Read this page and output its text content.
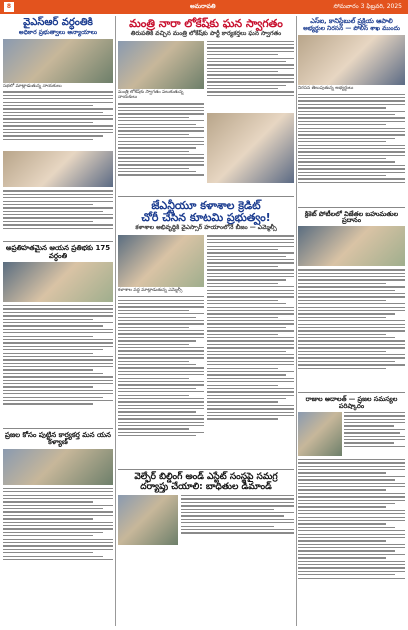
8	అమరావతి	సోమవారం 3 ఫిబ్రవరి, 2025
వైఎస్ఆర్ వర్ధంతికి
అధికార ప్రభుత్వాలు అన్యాయాలు
సభలో మాట్లాడుతున్న నాయకులు
అప్రతిహతమైన ఆయన ప్రతిభకు 175 వర్ధంతి
ప్రజల కోసం పుట్టిన కార్యకర్త మన యన కళ్యాణ్
మంత్రి నారా లోకేష్‌కు ఘన స్వాగతం
తిరుపతికి వచ్చిన మంత్రి లోకేష్‌కు పార్టీ కార్యకర్తలు ఘన స్వాగతం
మంత్రి లోకేష్‌కు స్వాగతం పలుకుతున్న నాయకులు
జేఎన్టీయూ కళాశాల క్రెడిట్
చోరీ చేసిన కూటమి ప్రభుత్వం!
కళాశాల అభివృద్ధికి వైఎస్సార్ హయాంలోనే బీజం — ఎమ్మెల్సీ
కళాశాల వద్ద మాట్లాడుతున్న ఎమ్మెల్సీ
వెల్ఫేర్ బిల్డింగ్ అండ్ ఎస్టేట్ సంస్థపై సమగ్ర
దర్యాప్తు చేయాలి: బాధితుల డిమాండ్
ఎస్ఐ, కానిస్టేబుల్ ప్రక్రియ ఆపాలి
అభ్యర్థుల నిరసన — పోలీస్ శాఖ ముందు
నిరసన తెలుపుతున్న అభ్యర్థులు
క్రికెట్ పోటీలలో విజేతల బహుమతుల ప్రదానం
రాజుల అదాలత్ — ప్రజల సమస్యల పరిష్కారం
